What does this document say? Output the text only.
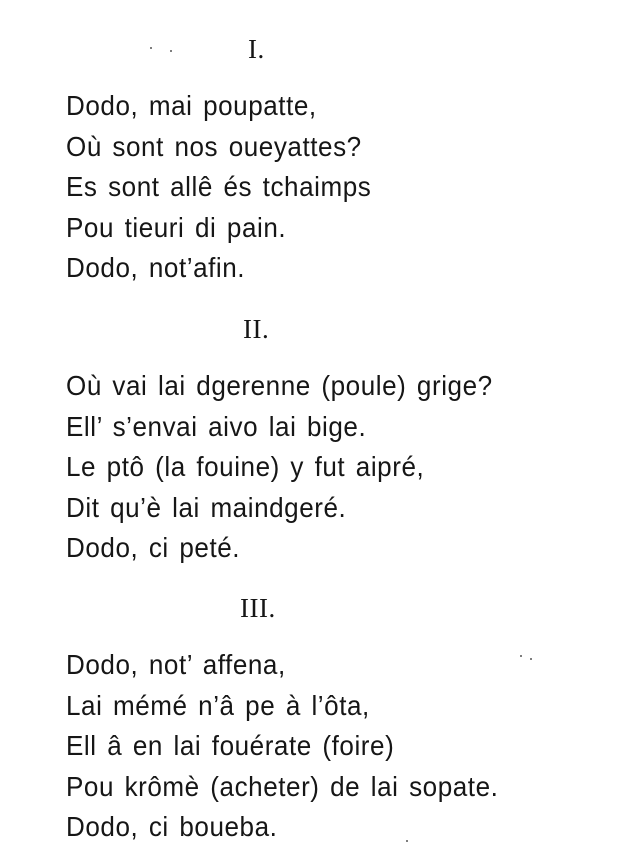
I.
Dodo, mai poupatte,
Où sont nos oueyattes?
Es sont allê és tchaimps
Pou tieuri di pain.
Dodo, not’afin.
II.
Où vai lai dgerenne (poule) grige?
Ell’ s’envai aivo lai bige.
Le ptô (la fouine) y fut aipré,
Dit qu’è lai maindgeré.
Dodo, ci peté.
III.
Dodo, not’ affena,
Lai mémé n’â pe à l’ôta,
Ell â en lai fouérate (foire)
Pou krômè (acheter) de lai sopate.
Dodo, ci boueba.
